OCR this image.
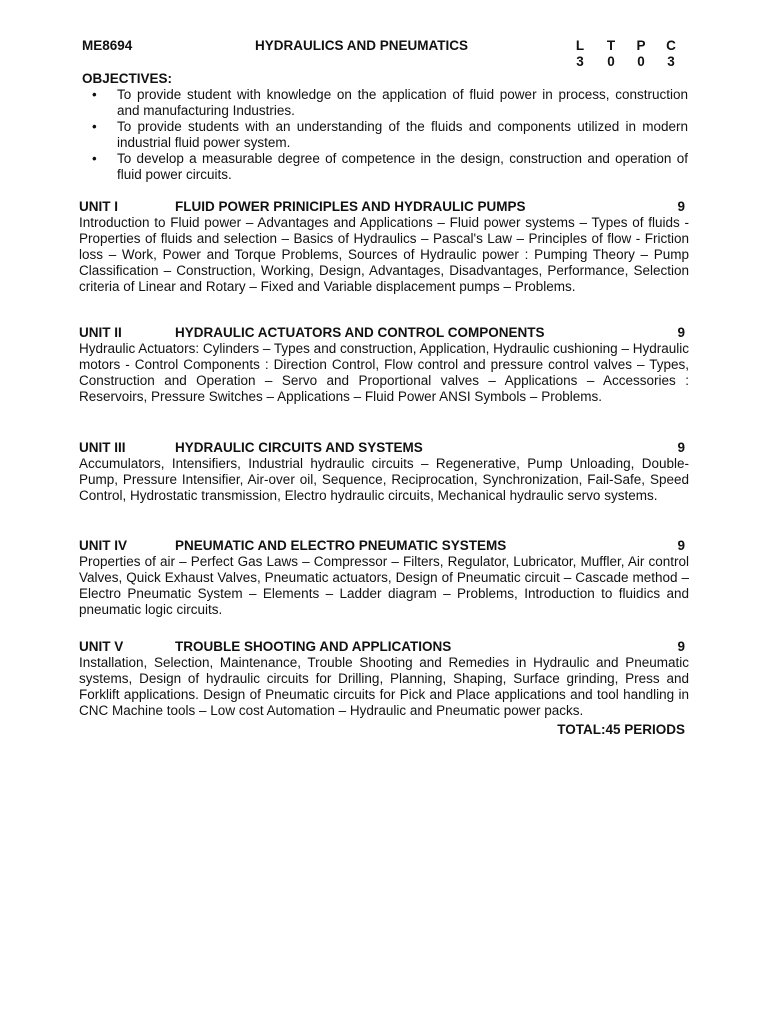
ME8694	HYDRAULICS AND PNEUMATICS	L	T	P	C
3	0	0	3
OBJECTIVES:
• To provide student with knowledge on the application of fluid power in process, construction and manufacturing Industries.
• To provide students with an understanding of the fluids and components utilized in modern industrial fluid power system.
• To develop a measurable degree of competence in the design, construction and operation of fluid power circuits.
UNIT I	FLUID POWER PRINICIPLES AND HYDRAULIC PUMPS	9

Introduction to Fluid power – Advantages and Applications – Fluid power systems – Types of fluids - Properties of fluids and selection – Basics of Hydraulics – Pascal's Law – Principles of flow - Friction loss – Work, Power and Torque Problems, Sources of Hydraulic power : Pumping Theory – Pump Classification – Construction, Working, Design, Advantages, Disadvantages, Performance, Selection criteria of Linear and Rotary – Fixed and Variable displacement pumps – Problems.

UNIT II	HYDRAULIC ACTUATORS AND CONTROL COMPONENTS	9

Hydraulic Actuators: Cylinders – Types and construction, Application, Hydraulic cushioning – Hydraulic motors - Control Components : Direction Control, Flow control and pressure control valves – Types, Construction and Operation – Servo and Proportional valves – Applications – Accessories : Reservoirs, Pressure Switches – Applications – Fluid Power ANSI Symbols – Problems.

UNIT III	HYDRAULIC CIRCUITS AND SYSTEMS	9

Accumulators, Intensifiers, Industrial hydraulic circuits – Regenerative, Pump Unloading, Double-Pump, Pressure Intensifier, Air-over oil, Sequence, Reciprocation, Synchronization, Fail-Safe, Speed Control, Hydrostatic transmission, Electro hydraulic circuits, Mechanical hydraulic servo systems.

UNIT IV	PNEUMATIC AND ELECTRO PNEUMATIC SYSTEMS	9

Properties of air – Perfect Gas Laws – Compressor – Filters, Regulator, Lubricator, Muffler, Air control Valves, Quick Exhaust Valves, Pneumatic actuators, Design of Pneumatic circuit – Cascade method – Electro Pneumatic System – Elements – Ladder diagram – Problems, Introduction to fluidics and pneumatic logic circuits.

UNIT V	TROUBLE SHOOTING AND APPLICATIONS	9

Installation, Selection, Maintenance, Trouble Shooting and Remedies in Hydraulic and Pneumatic systems, Design of hydraulic circuits for Drilling, Planning, Shaping, Surface grinding, Press and Forklift applications. Design of Pneumatic circuits for Pick and Place applications and tool handling in CNC Machine tools – Low cost Automation – Hydraulic and Pneumatic power packs.

TOTAL:45 PERIODS
